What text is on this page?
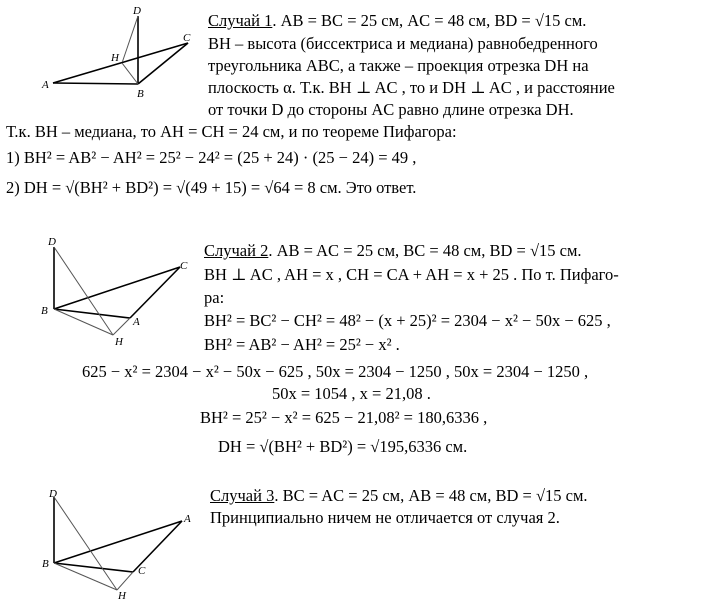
D
H
C
A
B
D
C
B
A
H
D
A
B
C
H
Случай 1. AB = BC = 25 см, AC = 48 см, BD = √15 см.
BH – высота (биссектриса и медиана) равнобедренного
треугольника ABC, а также – проекция отрезка DH на
плоскость α. Т.к. BH ⊥ AC , то и DH ⊥ AC , и расстояние
от точки D до стороны AC равно длине отрезка DH.
Т.к. BH – медиана, то AH = CH = 24 см, и по теореме Пифагора:
1) BH² = AB² − AH² = 25² − 24² = (25 + 24) · (25 − 24) = 49 ,
2) DH = √(BH² + BD²) = √(49 + 15) = √64 = 8 см. Это ответ.
Случай 2. AB = AC = 25 см, BC = 48 см, BD = √15 см.
BH ⊥ AC , AH = x , CH = CA + AH = x + 25 . По т. Пифаго-
ра:
BH² = BC² − CH² = 48² − (x + 25)² = 2304 − x² − 50x − 625 ,
BH² = AB² − AH² = 25² − x² .
625 − x² = 2304 − x² − 50x − 625 , 50x = 2304 − 1250 , 50x = 2304 − 1250 ,
50x = 1054 , x = 21,08 .
BH² = 25² − x² = 625 − 21,08² = 180,6336 ,
DH = √(BH² + BD²) = √195,6336 см.
Случай 3. BC = AC = 25 см, AB = 48 см, BD = √15 см.
Принципиально ничем не отличается от случая 2.
